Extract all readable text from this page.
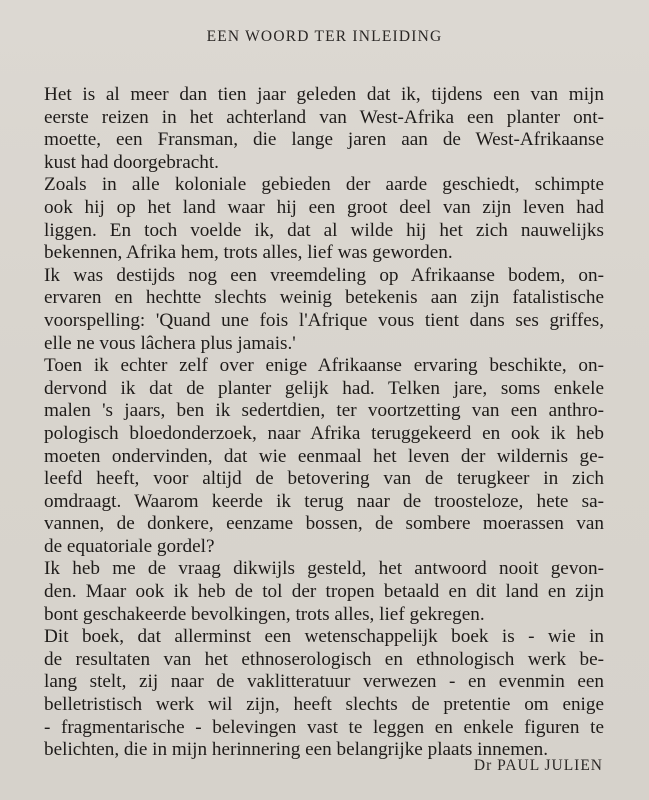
EEN WOORD TER INLEIDING
Het is al meer dan tien jaar geleden dat ik, tijdens een van mijn
eerste reizen in het achterland van West-Afrika een planter ont-
moette, een Fransman, die lange jaren aan de West-Afrikaanse
kust had doorgebracht.
Zoals in alle koloniale gebieden der aarde geschiedt, schimpte
ook hij op het land waar hij een groot deel van zijn leven had
liggen. En toch voelde ik, dat al wilde hij het zich nauwelijks
bekennen, Afrika hem, trots alles, lief was geworden.
Ik was destijds nog een vreemdeling op Afrikaanse bodem, on-
ervaren en hechtte slechts weinig betekenis aan zijn fatalistische
voorspelling: 'Quand une fois l'Afrique vous tient dans ses griffes,
elle ne vous lâchera plus jamais.'
Toen ik echter zelf over enige Afrikaanse ervaring beschikte, on-
dervond ik dat de planter gelijk had. Telken jare, soms enkele
malen 's jaars, ben ik sedertdien, ter voortzetting van een anthro-
pologisch bloedonderzoek, naar Afrika teruggekeerd en ook ik heb
moeten ondervinden, dat wie eenmaal het leven der wildernis ge-
leefd heeft, voor altijd de betovering van de terugkeer in zich
omdraagt. Waarom keerde ik terug naar de troosteloze, hete sa-
vannen, de donkere, eenzame bossen, de sombere moerassen van
de equatoriale gordel?
Ik heb me de vraag dikwijls gesteld, het antwoord nooit gevon-
den. Maar ook ik heb de tol der tropen betaald en dit land en zijn
bont geschakeerde bevolkingen, trots alles, lief gekregen.
Dit boek, dat allerminst een wetenschappelijk boek is - wie in
de resultaten van het ethnoserologisch en ethnologisch werk be-
lang stelt, zij naar de vaklitteratuur verwezen - en evenmin een
belletristisch werk wil zijn, heeft slechts de pretentie om enige
- fragmentarische - belevingen vast te leggen en enkele figuren te
belichten, die in mijn herinnering een belangrijke plaats innemen.
Dr PAUL JULIEN
